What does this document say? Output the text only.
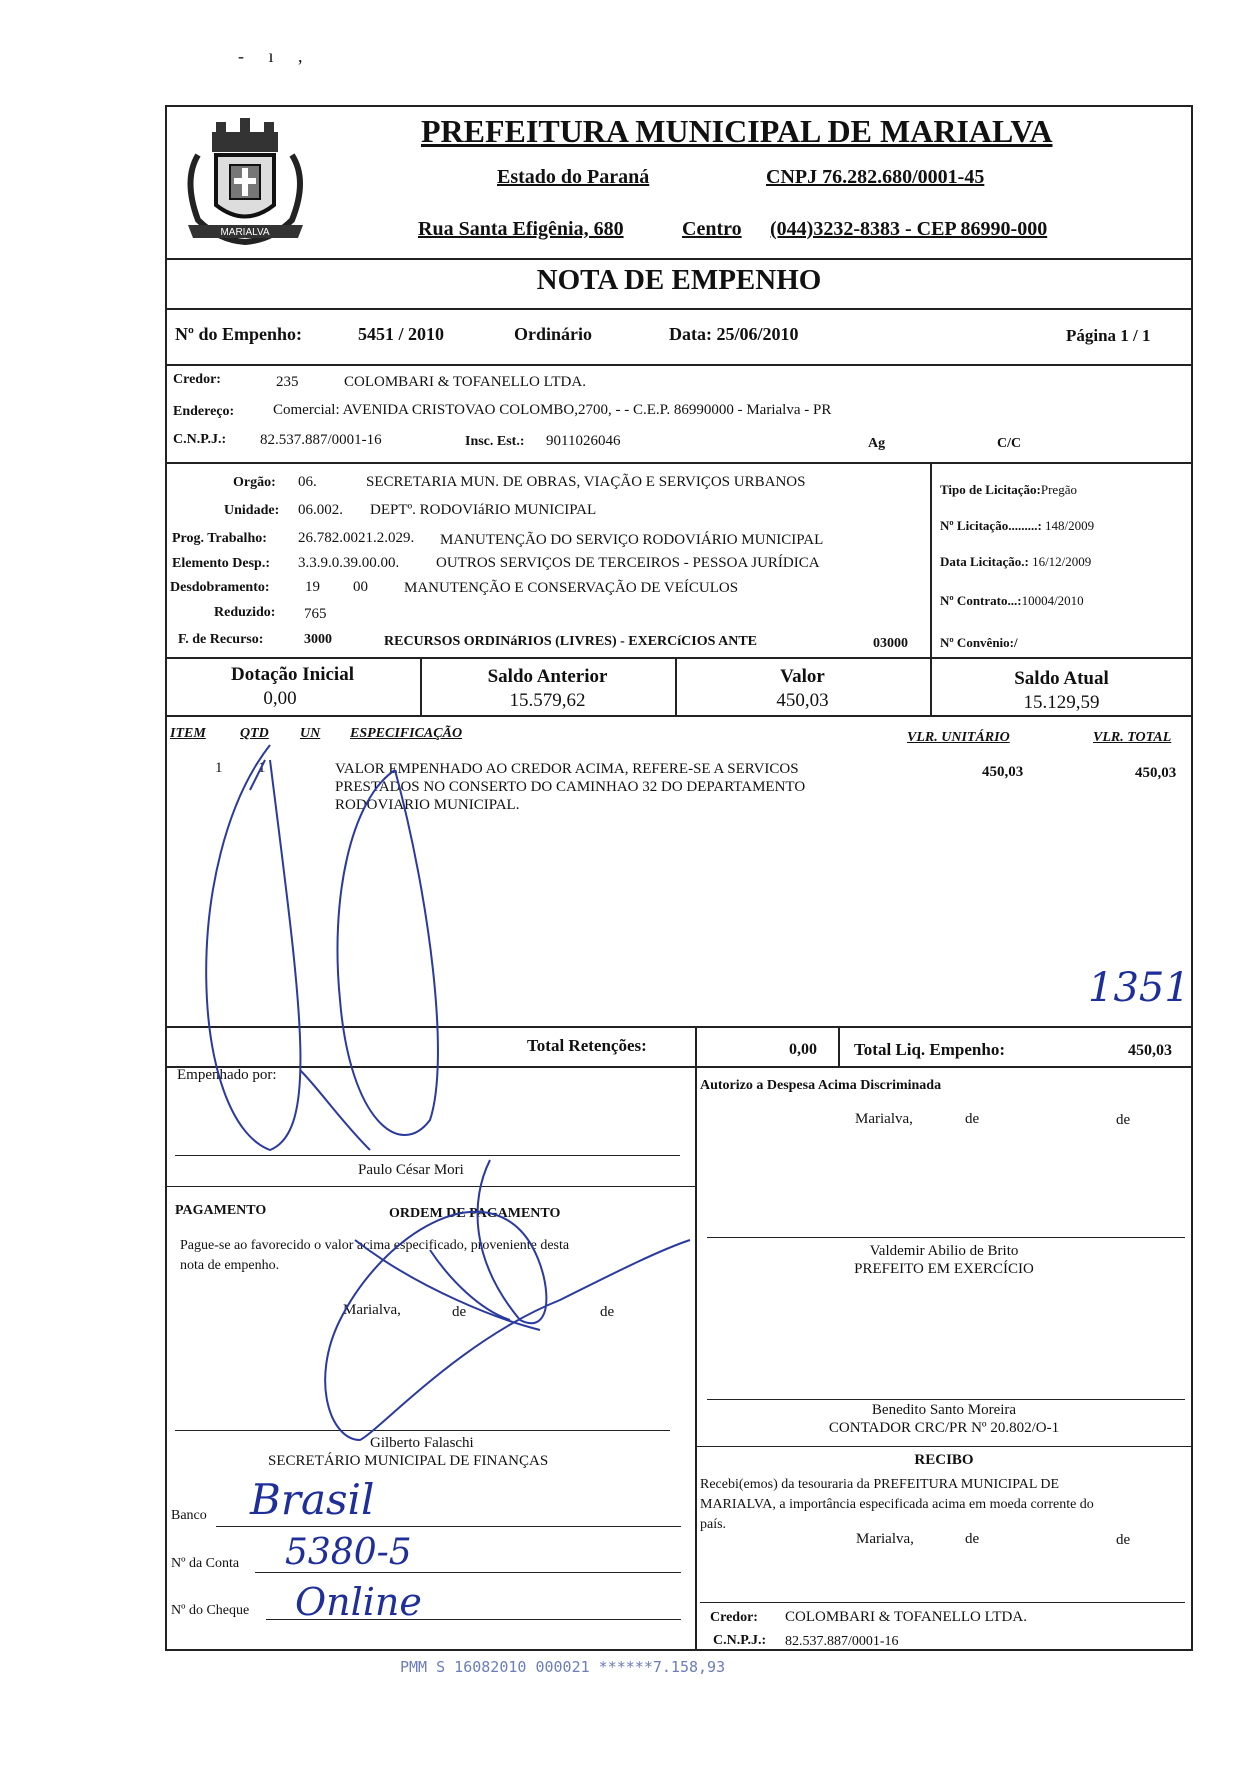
- ı ,
MARIALVA
PREFEITURA MUNICIPAL DE MARIALVA
Estado do Paraná	CNPJ 76.282.680/0001-45
Rua Santa Efigênia, 680	Centro (044)3232-8383 - CEP 86990-000
NOTA DE EMPENHO
Nº do Empenho:	5451 / 2010	Ordinário	Data: 25/06/2010	Página 1 / 1
Credor:	235	COLOMBARI & TOFANELLO LTDA.
Endereço:	Comercial: AVENIDA CRISTOVAO COLOMBO,2700, - - C.E.P. 86990000 - Marialva - PR
C.N.P.J.: 82.537.887/0001-16	Insc. Est.: 9011026046	Ag	C/C
Orgão: 06.	SECRETARIA MUN. DE OBRAS, VIAÇÃO E SERVIÇOS URBANOS
Unidade: 06.002. DEPTº. RODOVIáRIO MUNICIPAL
Prog. Trabalho: 26.782.0021.2.029. MANUTENÇÃO DO SERVIÇO RODOVIÁRIO MUNICIPAL
Elemento Desp.: 3.3.9.0.39.00.00. OUTROS SERVIÇOS DE TERCEIROS - PESSOA JURÍDICA
Desdobramento: 19 00 MANUTENÇÃO E CONSERVAÇÃO DE VEÍCULOS
Reduzido: 765
F. de Recurso:	3000	RECURSOS ORDINáRIOS (LIVRES) - EXERCíCIOS ANTE	03000
Tipo de Licitação:Pregão
Nº Licitação.........: 148/2009
Data Licitação.: 16/12/2009
Nº Contrato...:10004/2010
Nº Convênio:/
Dotação Inicial
0,00
Saldo Anterior
15.579,62
Valor
450,03
Saldo Atual
15.129,59
ITEM QTD UN ESPECIFICAÇÃO	VLR. UNITÁRIO	VLR. TOTAL
1 1	VALOR EMPENHADO AO CREDOR ACIMA, REFERE-SE A SERVICOS
PRESTADOS NO CONSERTO DO CAMINHAO 32 DO DEPARTAMENTO
RODOVIARIO MUNICIPAL.
450,03	450,03
1351
Total Retenções:	0,00 Total Liq. Empenho:	450,03
Empenhado por:
Paulo César Mori
PAGAMENTO	ORDEM DE PAGAMENTO
Pague-se ao favorecido o valor acima especificado, proveniente desta
nota de empenho.
Marialva,	de	de
Gilberto Falaschi
SECRETÁRIO MUNICIPAL DE FINANÇAS
Banco Brasil
Nº da Conta 5380-5
Nº do Cheque Online
Autorizo a Despesa Acima Discriminada
Marialva,	de	de
Valdemir Abilio de Brito
PREFEITO EM EXERCÍCIO
Benedito Santo Moreira
CONTADOR CRC/PR Nº 20.802/O-1
RECIBO
Recebi(emos) da tesouraria da PREFEITURA MUNICIPAL DE
MARIALVA, a importância especificada acima em moeda corrente do
país.
Marialva,	de	de
Credor: COLOMBARI & TOFANELLO LTDA.
C.N.P.J.: 82.537.887/0001-16
PMM S 16082010 000021 ******7.158,93
